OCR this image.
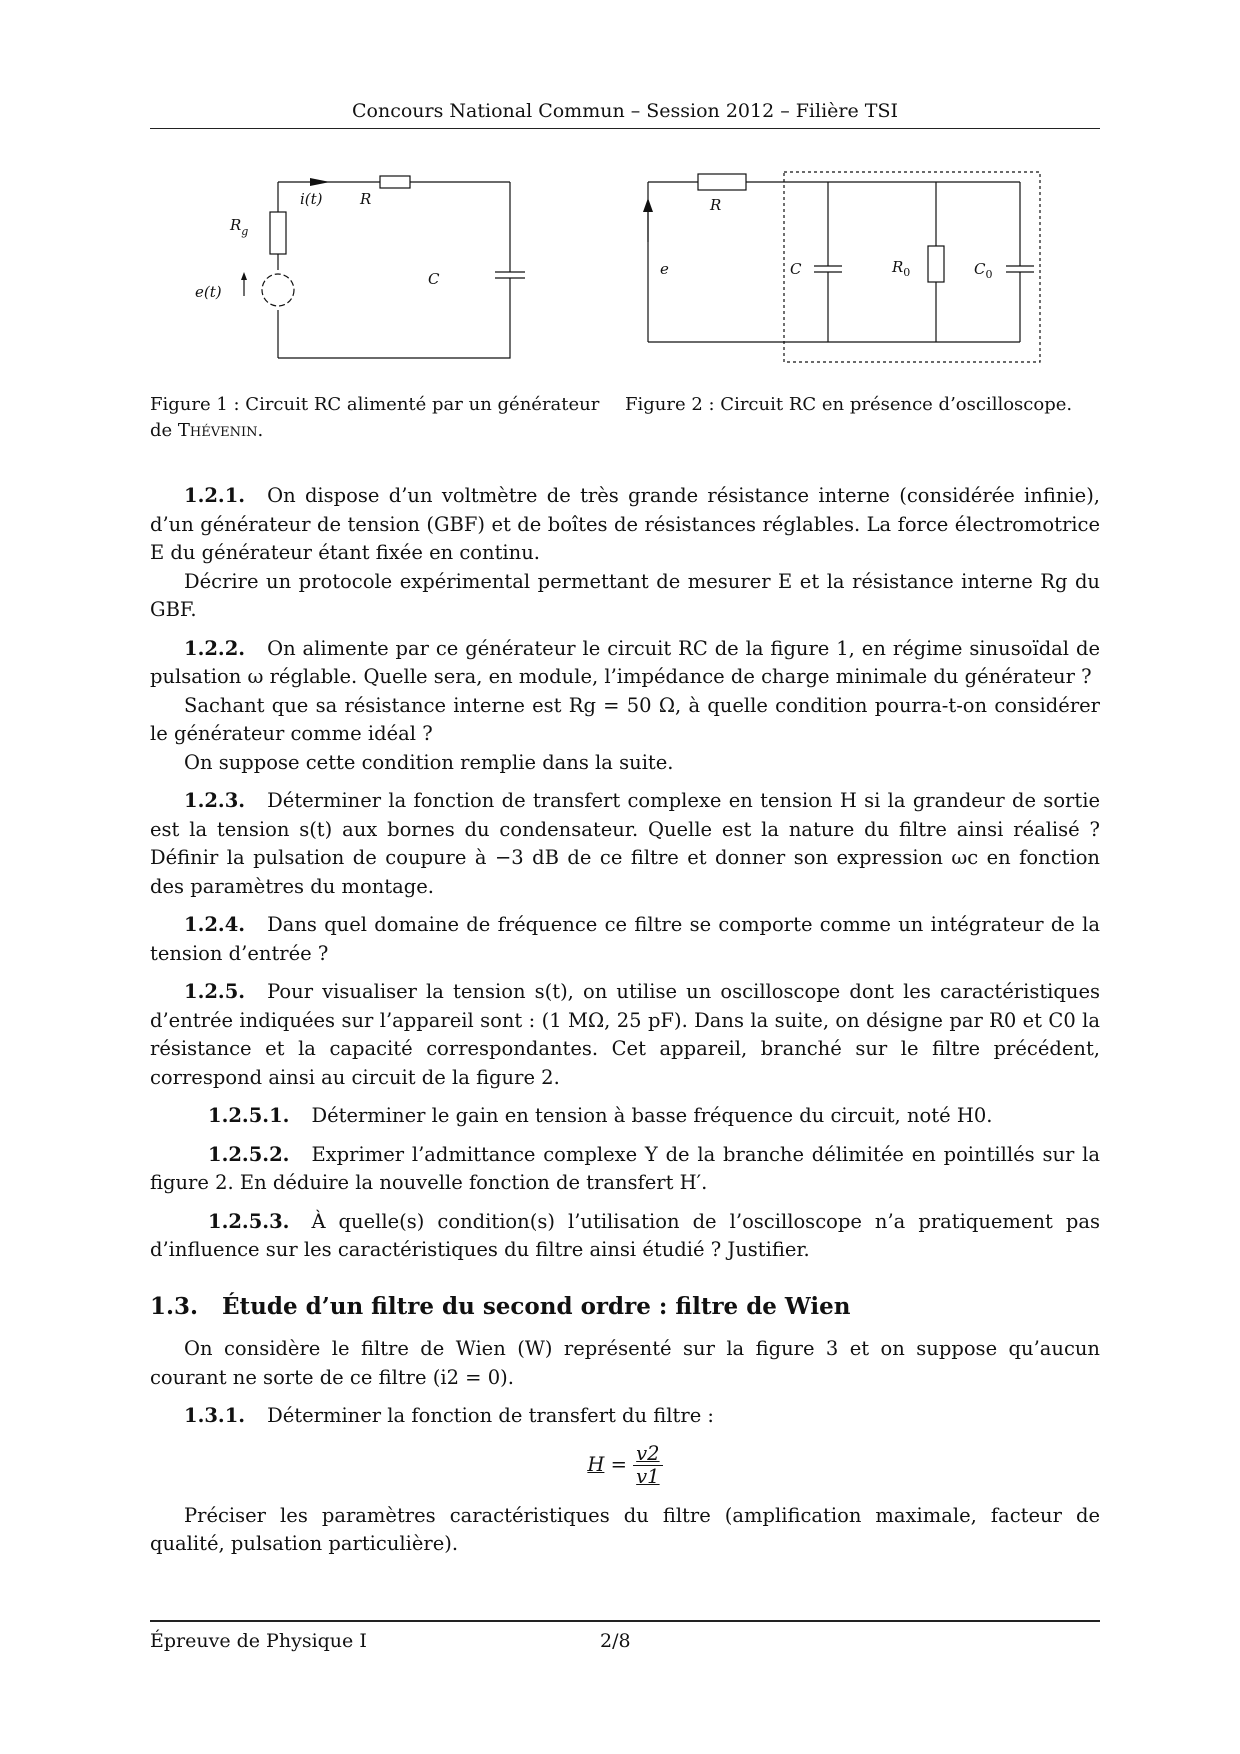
Concours National Commun – Session 2012 – Filière TSI
i(t) R
$R_g$
C
e(t)
R
e	C	$R_0$	$C_0$
Figure 1 : Circuit RC alimenté par un générateur de Thévenin.
Figure 2 : Circuit RC en présence d’oscilloscope.

1.2.1. On dispose d’un voltmètre de très grande résistance interne (considérée infinie), d’un générateur de tension (GBF) et de boîtes de résistances réglables. La force électromotrice E du générateur étant fixée en continu.

Décrire un protocole expérimental permettant de mesurer E et la résistance interne Rg du GBF.

1.2.2. On alimente par ce générateur le circuit RC de la figure 1, en régime sinusoïdal de pulsation ω réglable. Quelle sera, en module, l’impédance de charge minimale du générateur ?

Sachant que sa résistance interne est Rg = 50 Ω, à quelle condition pourra-t-on considérer le générateur comme idéal ?

On suppose cette condition remplie dans la suite.

1.2.3. Déterminer la fonction de transfert complexe en tension H si la grandeur de sortie est la tension s(t) aux bornes du condensateur. Quelle est la nature du filtre ainsi réalisé ? Définir la pulsation de coupure à −3 dB de ce filtre et donner son expression ωc en fonction des paramètres du montage.

1.2.4. Dans quel domaine de fréquence ce filtre se comporte comme un intégrateur de la tension d’entrée ?

1.2.5. Pour visualiser la tension s(t), on utilise un oscilloscope dont les caractéristiques d’entrée indiquées sur l’appareil sont : (1 MΩ, 25 pF). Dans la suite, on désigne par R0 et C0 la résistance et la capacité correspondantes. Cet appareil, branché sur le filtre précédent, correspond ainsi au circuit de la figure 2.

1.2.5.1. Déterminer le gain en tension à basse fréquence du circuit, noté H0.

1.2.5.2. Exprimer l’admittance complexe Y de la branche délimitée en pointillés sur la figure 2. En déduire la nouvelle fonction de transfert H′.

1.2.5.3. À quelle(s) condition(s) l’utilisation de l’oscilloscope n’a pratiquement pas d’influence sur les caractéristiques du filtre ainsi étudié ? Justifier.

1.3. Étude d’un filtre du second ordre : filtre de Wien

On considère le filtre de Wien (W) représenté sur la figure 3 et on suppose qu’aucun courant ne sorte de ce filtre (i2 = 0).

1.3.1. Déterminer la fonction de transfert du filtre :

$H = \frac{v2}{v1}$

Préciser les paramètres caractéristiques du filtre (amplification maximale, facteur de qualité, pulsation particulière).

Épreuve de Physique I	2/8
